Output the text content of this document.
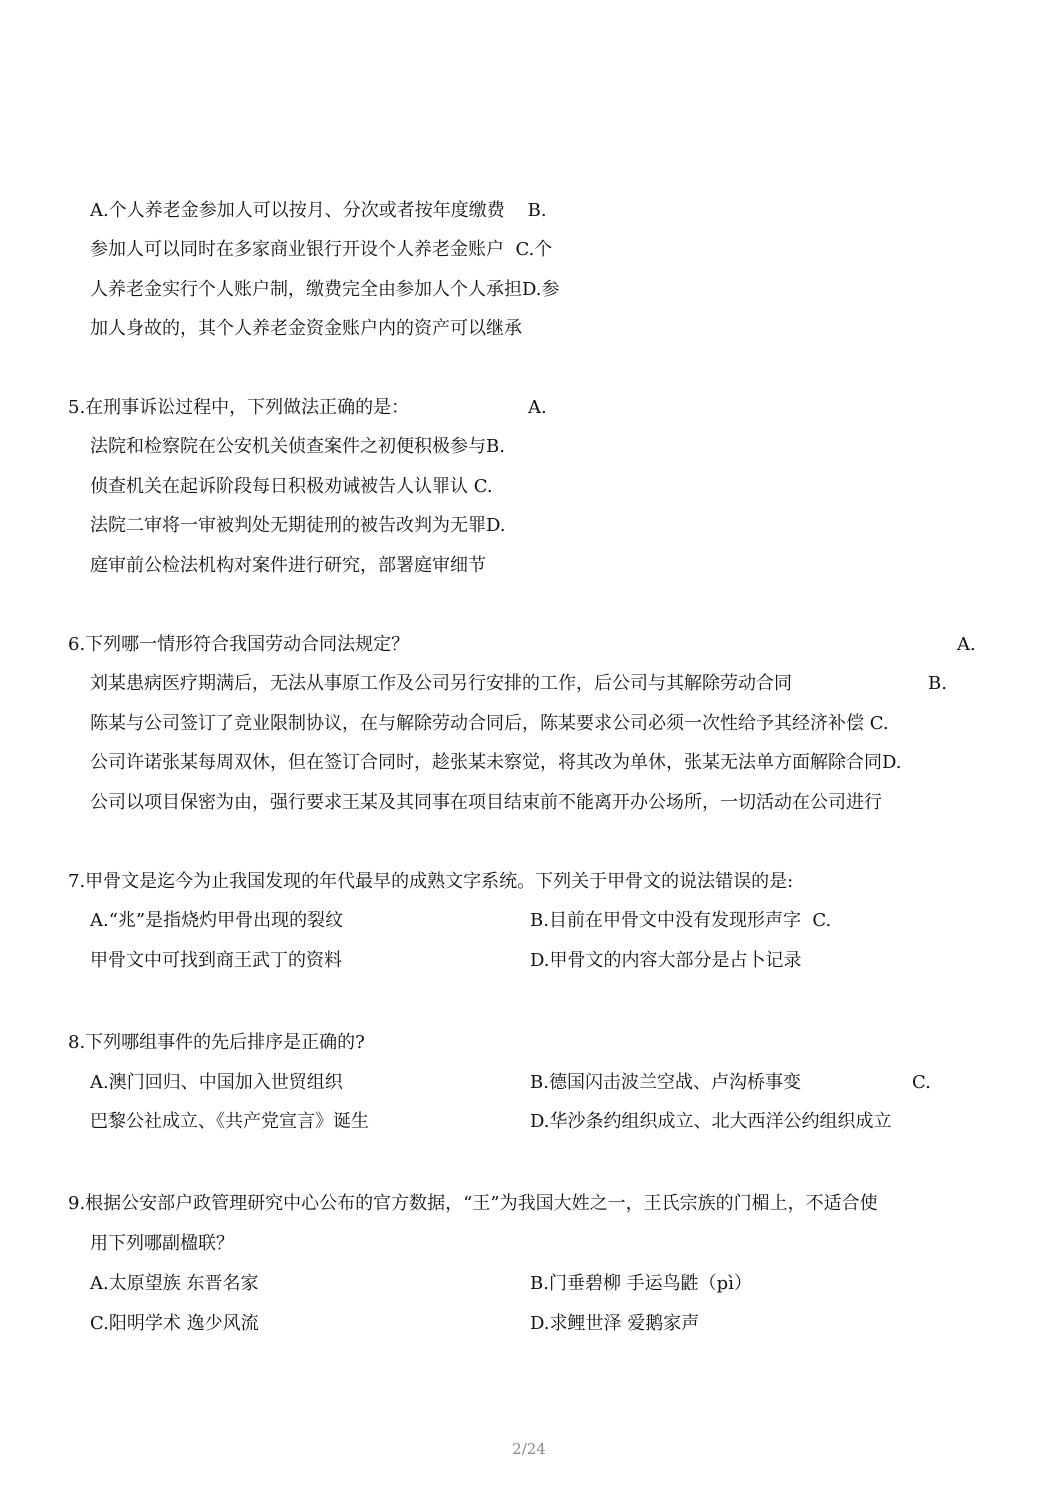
A.个人养老金参加人可以按月、分次或者按年度缴费    B.
参加人可以同时在多家商业银行开设个人养老金账户  C.个
人养老金实行个人账户制，缴费完全由参加人个人承担D.参
加人身故的，其个人养老金资金账户内的资产可以继承
5.在刑事诉讼过程中，下列做法正确的是：	A.
法院和检察院在公安机关侦查案件之初便积极参与B.
侦查机关在起诉阶段每日积极劝诫被告人认罪认 C.
法院二审将一审被判处无期徒刑的被告改判为无罪D.
庭审前公检法机构对案件进行研究，部署庭审细节
6.下列哪一情形符合我国劳动合同法规定？	A.
刘某患病医疗期满后，无法从事原工作及公司另行安排的工作，后公司与其解除劳动合同	B.
陈某与公司签订了竞业限制协议，在与解除劳动合同后，陈某要求公司必须一次性给予其经济补偿 C.
公司许诺张某每周双休，但在签订合同时，趁张某未察觉，将其改为单休，张某无法单方面解除合同D.
公司以项目保密为由，强行要求王某及其同事在项目结束前不能离开办公场所，一切活动在公司进行
7.甲骨文是迄今为止我国发现的年代最早的成熟文字系统。下列关于甲骨文的说法错误的是:
A.“兆”是指烧灼甲骨出现的裂纹	B.目前在甲骨文中没有发现形声字  C.
甲骨文中可找到商王武丁的资料	D.甲骨文的内容大部分是占卜记录
8.下列哪组事件的先后排序是正确的?
A.澳门回归、中国加入世贸组织	B.德国闪击波兰空战、卢沟桥事变	C.
巴黎公社成立、《共产党宣言》诞生	D.华沙条约组织成立、北大西洋公约组织成立
9.根据公安部户政管理研究中心公布的官方数据，“王”为我国大姓之一，王氏宗族的门楣上，不适合使
用下列哪副楹联？
A.太原望族 东晋名家	B.门垂碧柳 手运鸟鼪（pì）
C.阳明学术 逸少风流	D.求鲤世泽 爱鹅家声
2/24
